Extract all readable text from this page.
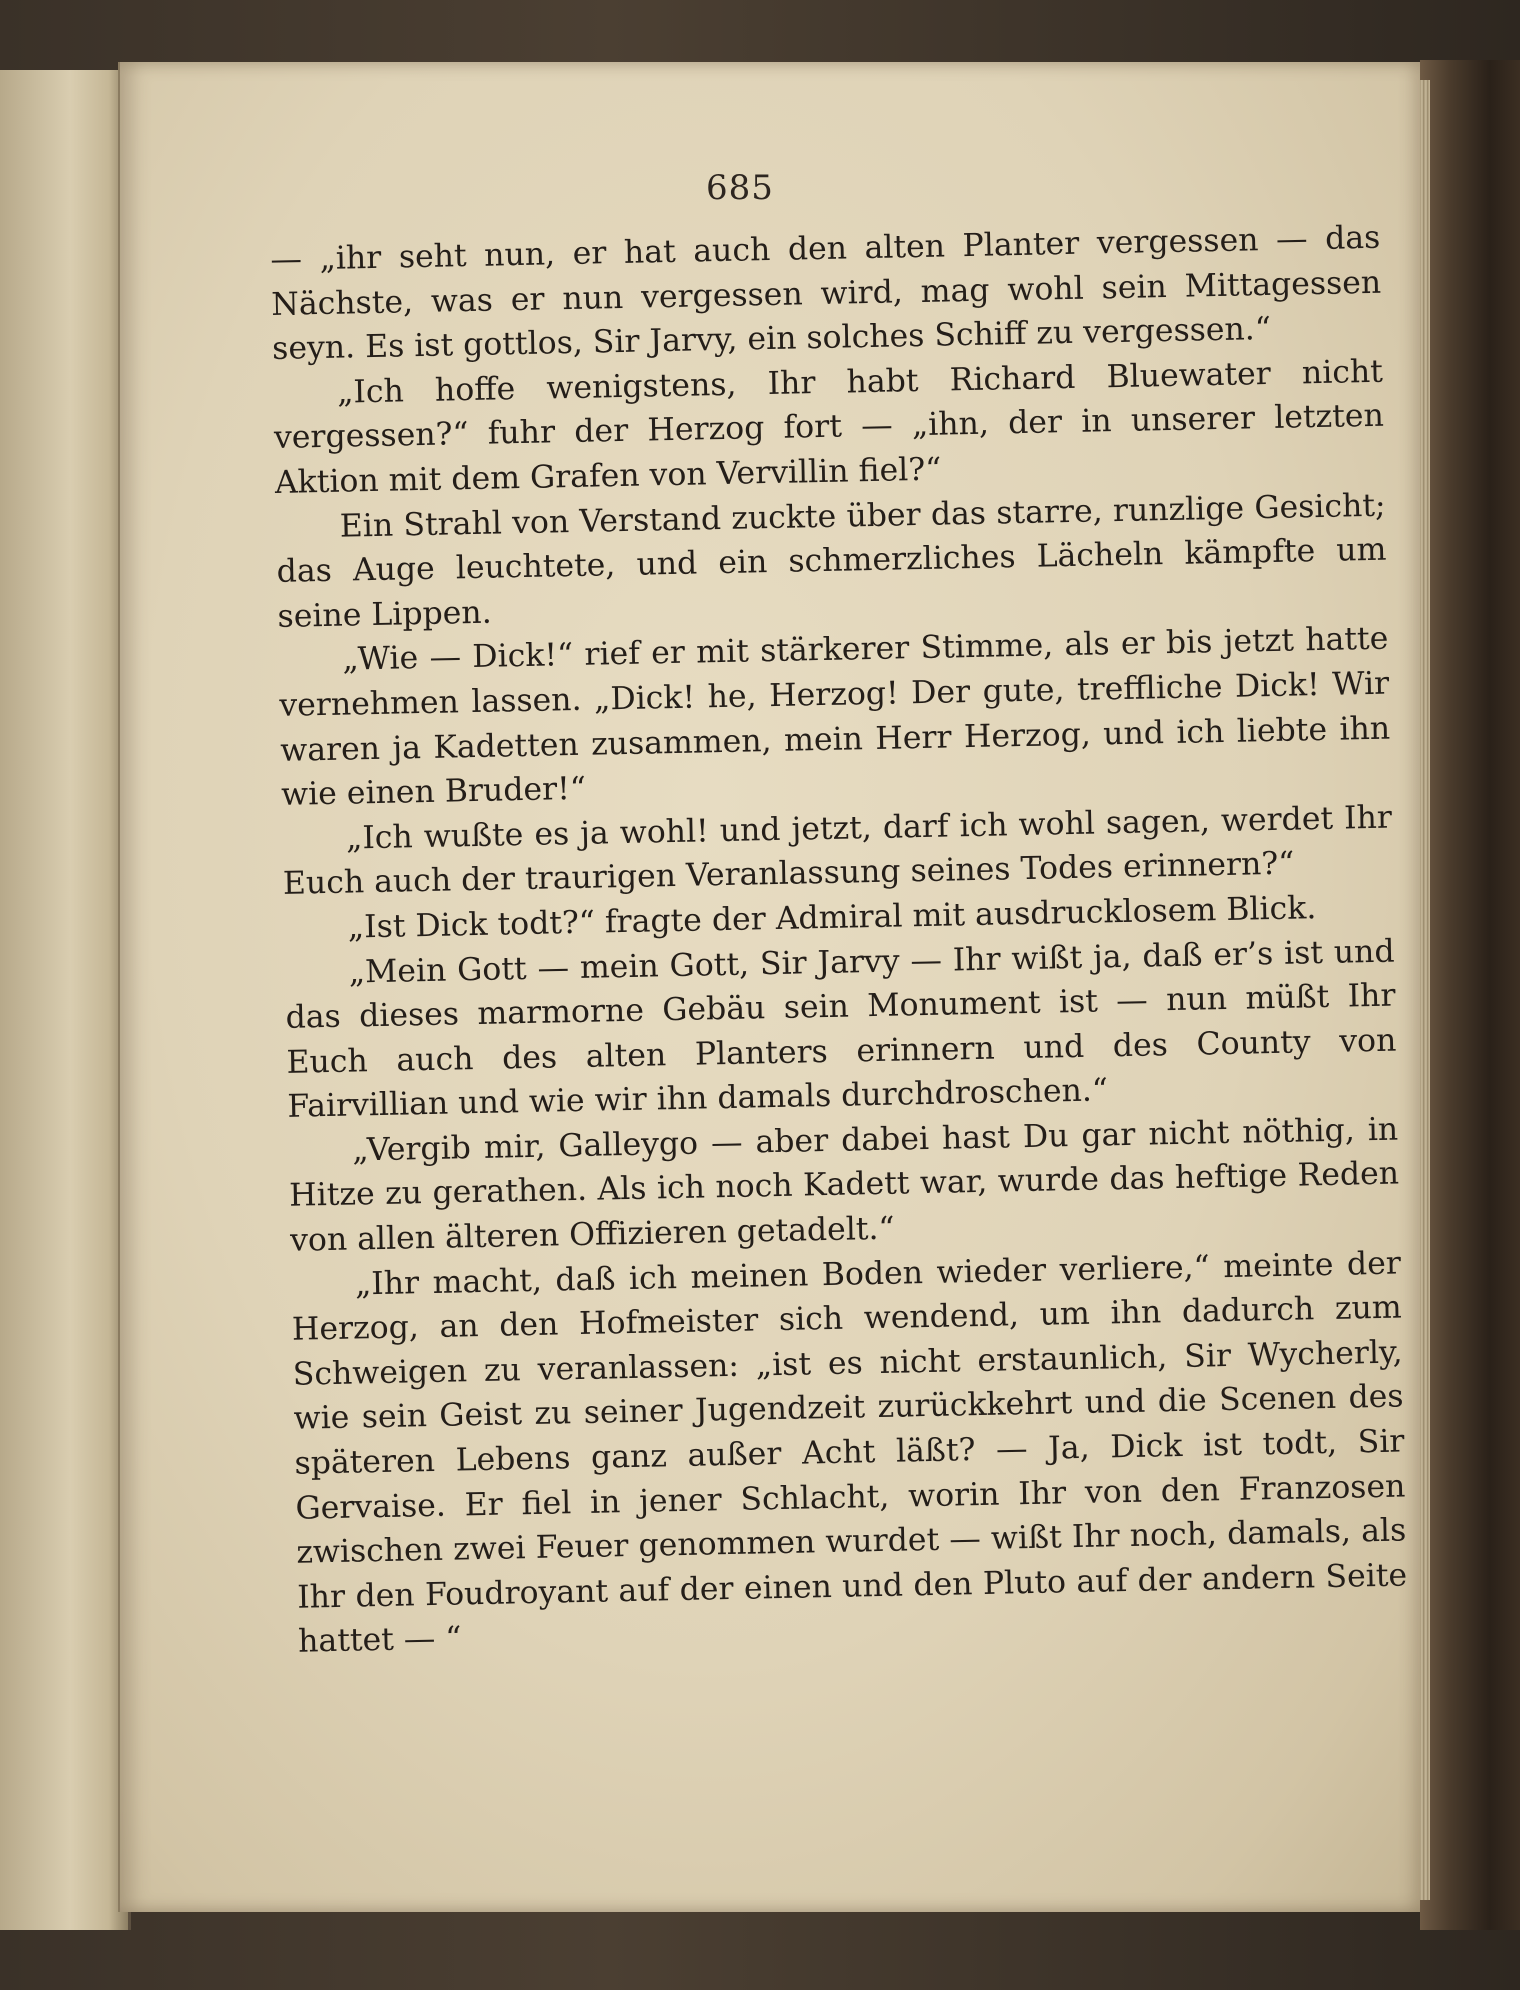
685

— „ihr seht nun, er hat auch den alten Planter vergessen — das Nächste, was er nun vergessen wird, mag wohl sein Mittagessen seyn. Es ist gottlos, Sir Jarvy, ein solches Schiff zu vergessen.“

„Ich hoffe wenigstens, Ihr habt Richard Bluewater nicht vergessen?“ fuhr der Herzog fort — „ihn, der in unserer letzten Aktion mit dem Grafen von Vervillin fiel?“

Ein Strahl von Verstand zuckte über das starre, runzlige Gesicht; das Auge leuchtete, und ein schmerzliches Lächeln kämpfte um seine Lippen.

„Wie — Dick!“ rief er mit stärkerer Stimme, als er bis jetzt hatte vernehmen lassen. „Dick! he, Herzog! Der gute, treffliche Dick! Wir waren ja Kadetten zusammen, mein Herr Herzog, und ich liebte ihn wie einen Bruder!“

„Ich wußte es ja wohl! und jetzt, darf ich wohl sagen, werdet Ihr Euch auch der traurigen Veranlassung seines Todes erinnern?“

„Ist Dick todt?“ fragte der Admiral mit ausdrucklosem Blick.

„Mein Gott — mein Gott, Sir Jarvy — Ihr wißt ja, daß er’s ist und das dieses marmorne Gebäu sein Monument ist — nun müßt Ihr Euch auch des alten Planters erinnern und des County von Fairvillian und wie wir ihn damals durchdroschen.“

„Vergib mir, Galleygo — aber dabei hast Du gar nicht nöthig, in Hitze zu gerathen. Als ich noch Kadett war, wurde das heftige Reden von allen älteren Offizieren getadelt.“

„Ihr macht, daß ich meinen Boden wieder verliere,“ meinte der Herzog, an den Hofmeister sich wendend, um ihn dadurch zum Schweigen zu veranlassen: „ist es nicht erstaunlich, Sir Wycherly, wie sein Geist zu seiner Jugendzeit zurückkehrt und die Scenen des späteren Lebens ganz außer Acht läßt? — Ja, Dick ist todt, Sir Gervaise. Er fiel in jener Schlacht, worin Ihr von den Franzosen zwischen zwei Feuer genommen wurdet — wißt Ihr noch, damals, als Ihr den Foudroyant auf der einen und den Pluto auf der andern Seite hattet — “
